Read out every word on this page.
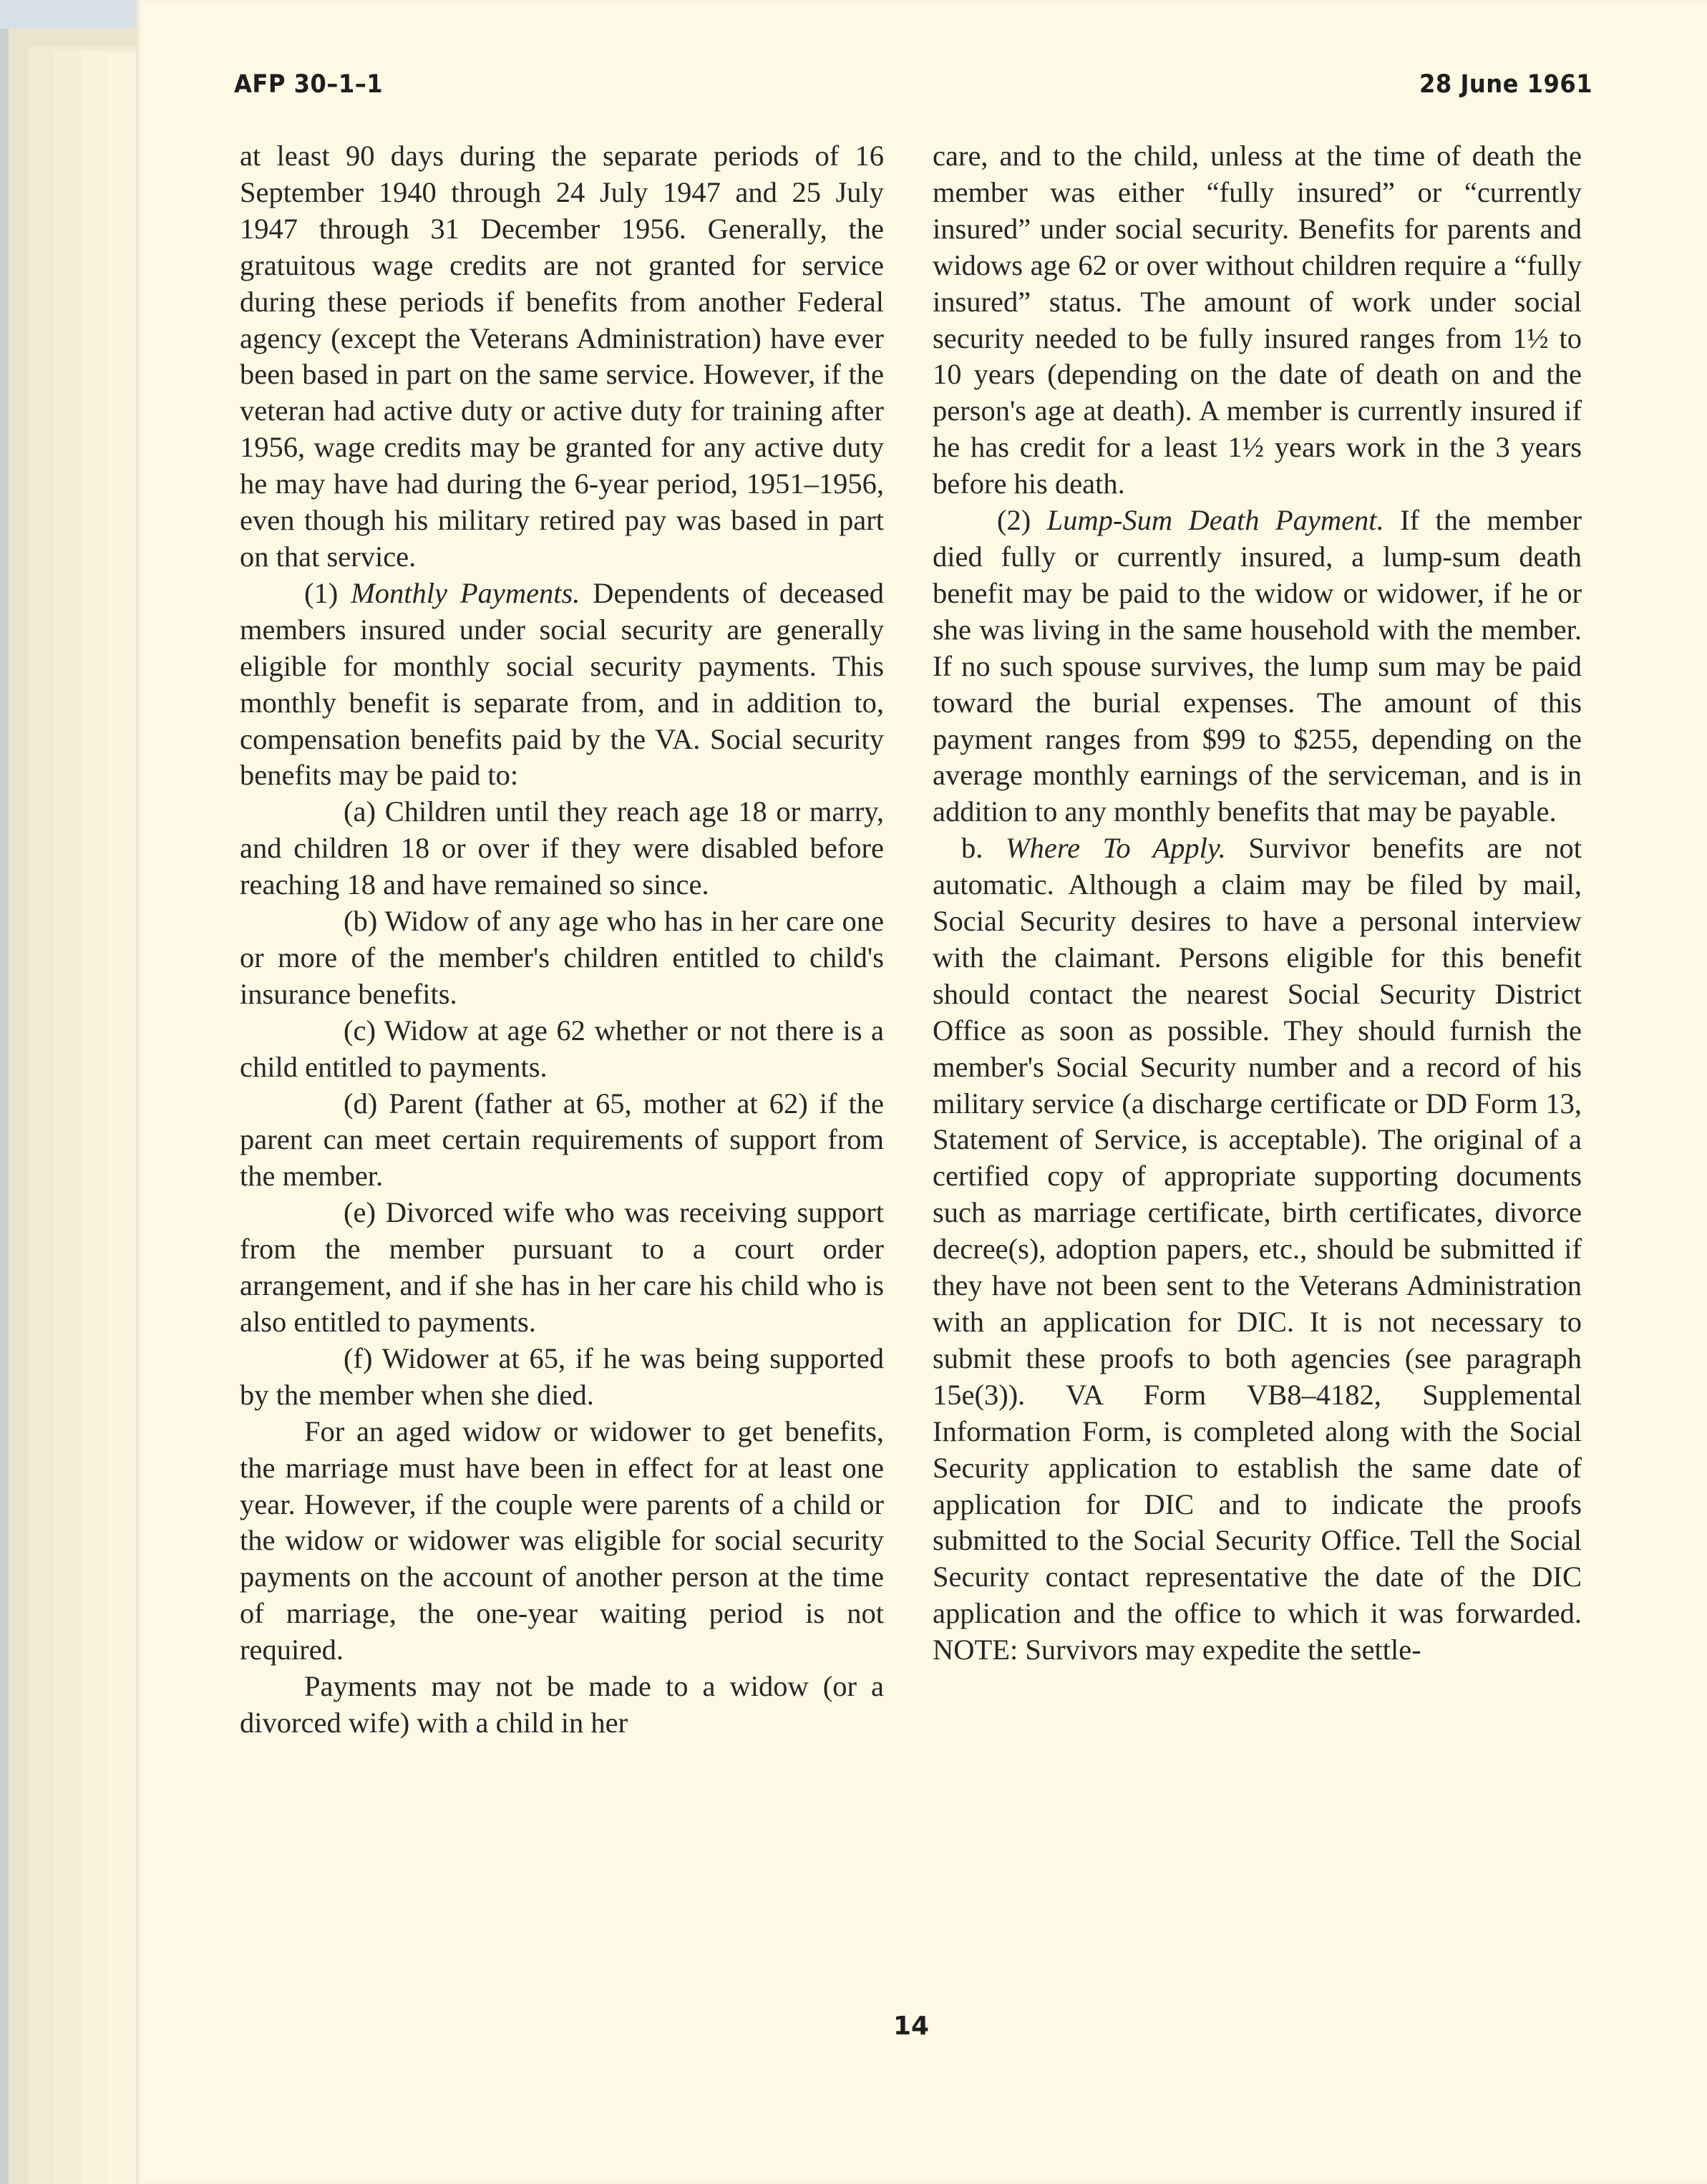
AFP 30–1–1	28 June 1961

at least 90 days during the separate periods of 16 September 1940 through 24 July 1947 and 25 July 1947 through 31 December 1956. Generally, the gratuitous wage credits are not granted for service during these periods if benefits from another Federal agency (except the Veterans Administration) have ever been based in part on the same service. However, if the veteran had active duty or active duty for training after 1956, wage credits may be granted for any active duty he may have had during the 6-year period, 1951–1956, even though his military retired pay was based in part on that service.

(1) Monthly Payments. Dependents of deceased members insured under social security are generally eligible for monthly social security payments. This monthly benefit is separate from, and in addition to, compensation benefits paid by the VA. Social security benefits may be paid to:

(a) Children until they reach age 18 or marry, and children 18 or over if they were disabled before reaching 18 and have remained so since.

(b) Widow of any age who has in her care one or more of the member's children entitled to child's insurance benefits.

(c) Widow at age 62 whether or not there is a child entitled to payments.

(d) Parent (father at 65, mother at 62) if the parent can meet certain requirements of support from the member.

(e) Divorced wife who was receiving support from the member pursuant to a court order arrangement, and if she has in her care his child who is also entitled to payments.

(f) Widower at 65, if he was being supported by the member when she died.

For an aged widow or widower to get benefits, the marriage must have been in effect for at least one year. However, if the couple were parents of a child or the widow or widower was eligible for social security payments on the account of another person at the time of marriage, the one-year waiting period is not required.

Payments may not be made to a widow (or a divorced wife) with a child in her

care, and to the child, unless at the time of death the member was either “fully insured” or “currently insured” under social security. Benefits for parents and widows age 62 or over without children require a “fully insured” status. The amount of work under social security needed to be fully insured ranges from 1½ to 10 years (depending on the date of death on and the person's age at death). A member is currently insured if he has credit for a least 1½ years work in the 3 years before his death.

(2) Lump-Sum Death Payment. If the member died fully or currently insured, a lump-sum death benefit may be paid to the widow or widower, if he or she was living in the same household with the member. If no such spouse survives, the lump sum may be paid toward the burial expenses. The amount of this payment ranges from $99 to $255, depending on the average monthly earnings of the serviceman, and is in addition to any monthly benefits that may be payable.

b. Where To Apply. Survivor benefits are not automatic. Although a claim may be filed by mail, Social Security desires to have a personal interview with the claimant. Persons eligible for this benefit should contact the nearest Social Security District Office as soon as possible. They should furnish the member's Social Security number and a record of his military service (a discharge certificate or DD Form 13, Statement of Service, is acceptable). The original of a certified copy of appropriate supporting documents such as marriage certificate, birth certificates, divorce decree(s), adoption papers, etc., should be submitted if they have not been sent to the Veterans Administration with an application for DIC. It is not necessary to submit these proofs to both agencies (see paragraph 15e(3)). VA Form VB8–4182, Supplemental Information Form, is completed along with the Social Security application to establish the same date of application for DIC and to indicate the proofs submitted to the Social Security Office. Tell the Social Security contact representative the date of the DIC application and the office to which it was forwarded. NOTE: Survivors may expedite the settle-

14
